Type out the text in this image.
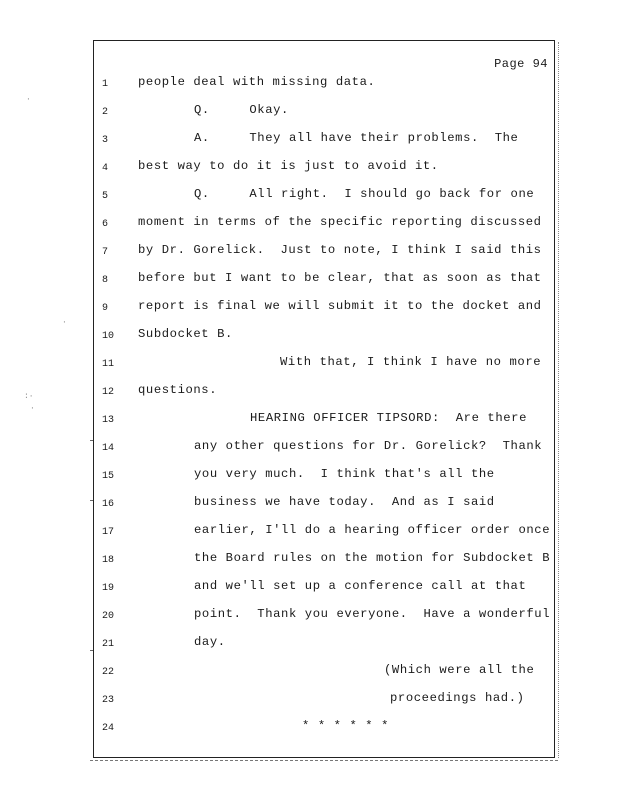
·
·
:·
·
Page 94
1	people deal with missing data.
2	Q.     Okay.
3	A.     They all have their problems.  The
4	best way to do it is just to avoid it.
5	Q.     All right.  I should go back for one
6	moment in terms of the specific reporting discussed
7	by Dr. Gorelick.  Just to note, I think I said this
8	before but I want to be clear, that as soon as that
9	report is final we will submit it to the docket and
10	Subdocket B.
11	With that, I think I have no more
12	questions.
13	HEARING OFFICER TIPSORD:  Are there
14	any other questions for Dr. Gorelick?  Thank
15	you very much.  I think that's all the
16	business we have today.  And as I said
17	earlier, I'll do a hearing officer order once
18	the Board rules on the motion for Subdocket B
19	and we'll set up a conference call at that
20	point.  Thank you everyone.  Have a wonderful
21	day.
22	(Which were all the
23	proceedings had.)
24	* * * * * *
